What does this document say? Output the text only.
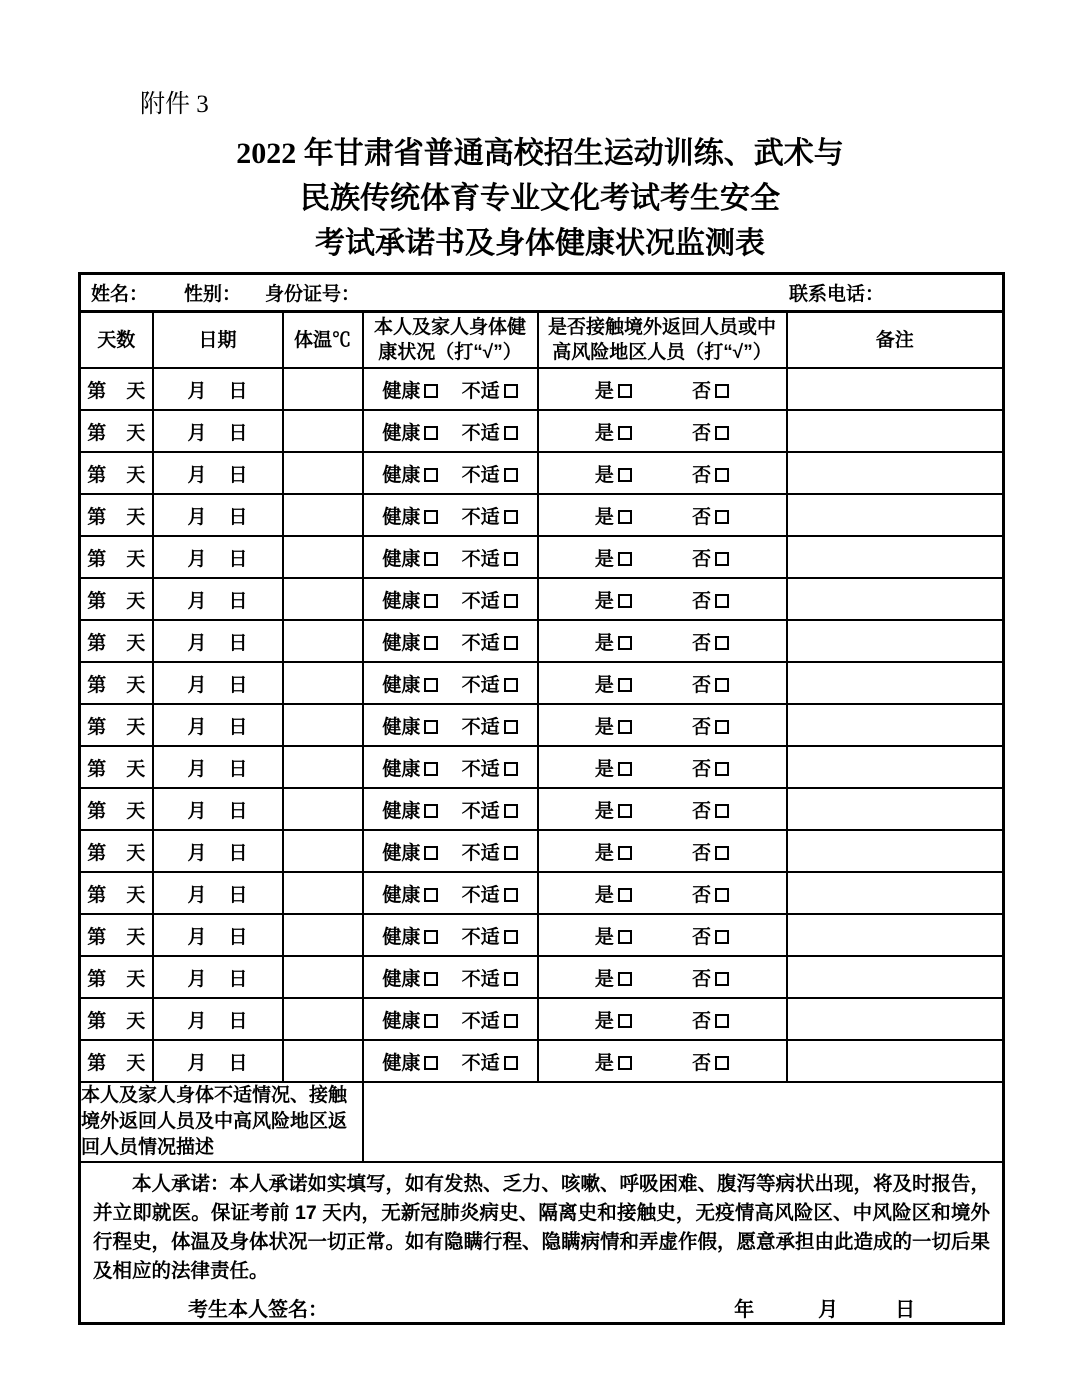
附件 3
2022 年甘肃省普通高校招生运动训练、武术与
民族传统体育专业文化考试考生安全
考试承诺书及身体健康状况监测表
姓名： 性别： 身份证号： 联系电话：					

天数	日期	体温℃	本人及家人身体健康状况（打“√”）	是否接触境外返回人员或中高风险地区人员（打“√”）	备注
第 天	月 日		健康 不适	是 否	
第 天	月 日		健康 不适	是 否	
第 天	月 日		健康 不适	是 否	
第 天	月 日		健康 不适	是 否	
第 天	月 日		健康 不适	是 否	
第 天	月 日		健康 不适	是 否	
第 天	月 日		健康 不适	是 否	
第 天	月 日		健康 不适	是 否	
第 天	月 日		健康 不适	是 否	
第 天	月 日		健康 不适	是 否	
第 天	月 日		健康 不适	是 否	
第 天	月 日		健康 不适	是 否	
第 天	月 日		健康 不适	是 否	
第 天	月 日		健康 不适	是 否	
第 天	月 日		健康 不适	是 否	
第 天	月 日		健康 不适	是 否	
第 天	月 日		健康 不适	是 否	
本人及家人身体不适情况、接触境外返回人员及中高风险地区返回人员情况描述					

本人承诺：本人承诺如实填写，如有发热、乏力、咳嗽、呼吸困难、腹泻等病状出现，将及时报告，并立即就医。保证考前 17 天内，无新冠肺炎病史、隔离史和接触史，无疫情高风险区、中风险区和境外行程史，体温及身体状况一切正常。如有隐瞒行程、隐瞒病情和弄虚作假，愿意承担由此造成的一切后果及相应的法律责任。
考生本人签名： 年 月 日					
